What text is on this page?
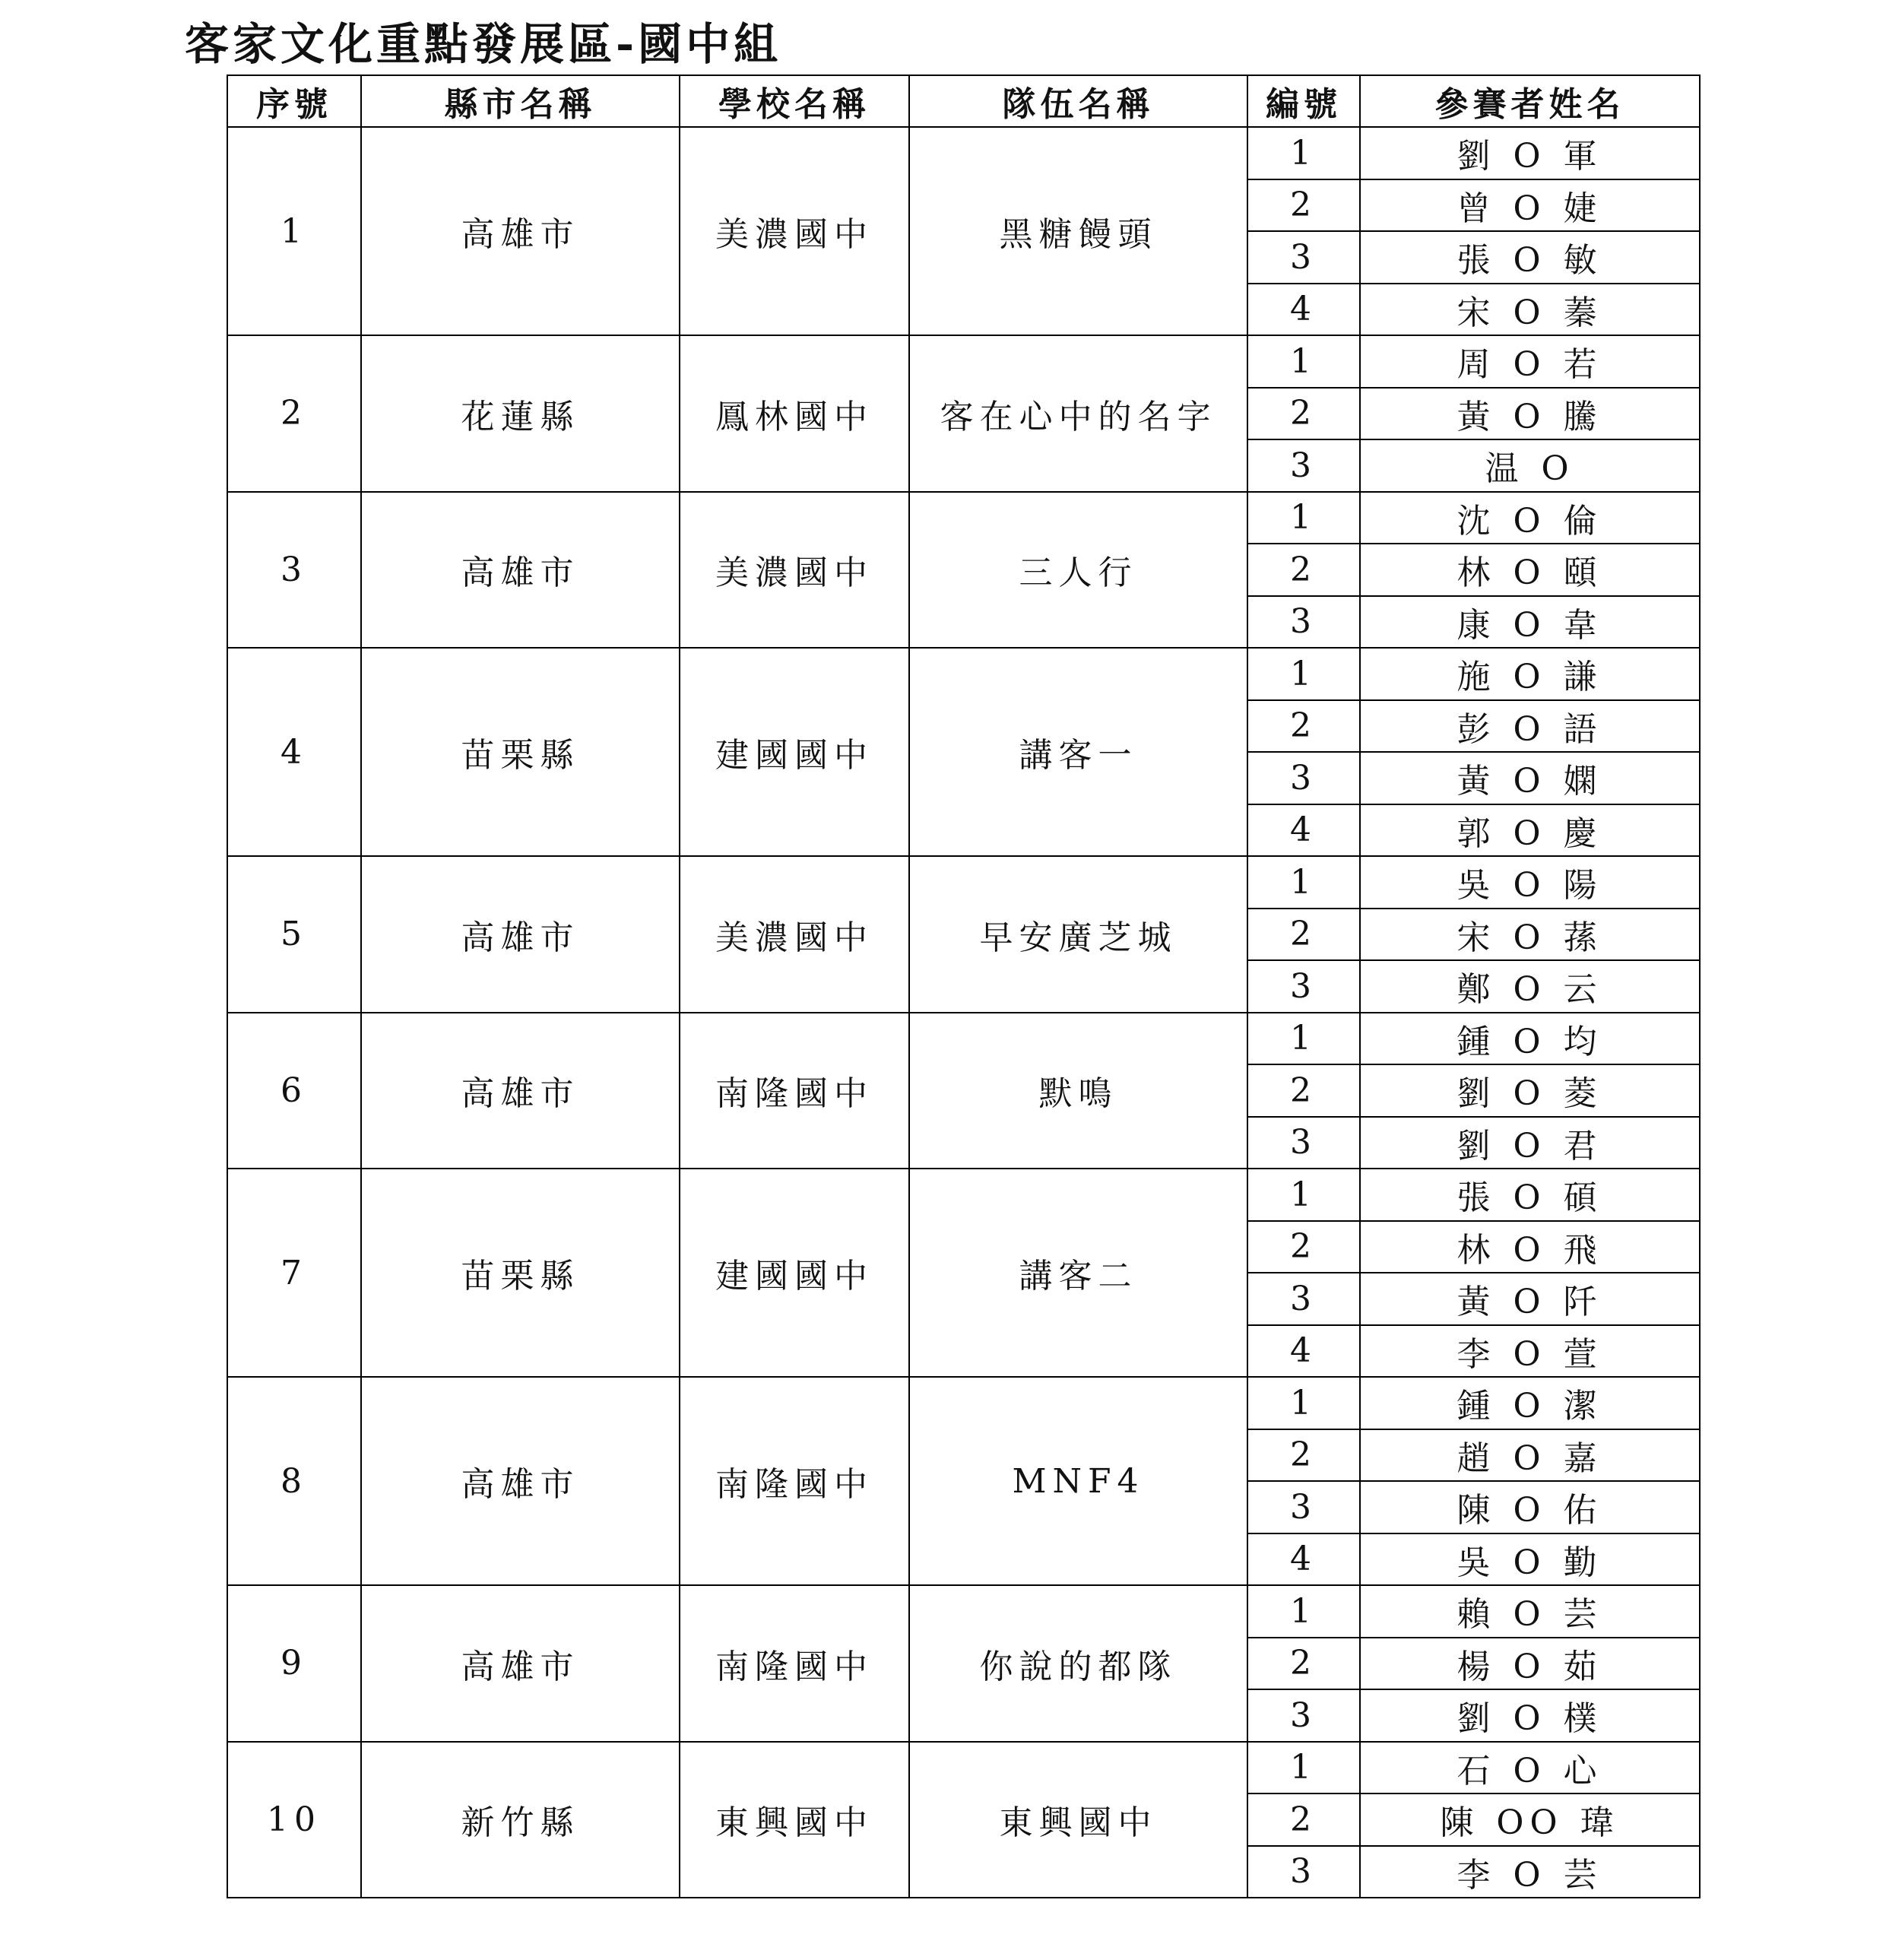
客家文化重點發展區-國中組
序號	縣市名稱	學校名稱	隊伍名稱	編號	參賽者姓名
1	高雄市	美濃國中	黑糖饅頭	1	劉 O 軍
				2	曾 O 婕
				3	張 O 敏
				4	宋 O 蓁
2	花蓮縣	鳳林國中	客在心中的名字	1	周 O 若
				2	黃 O 騰
				3	温 O
3	高雄市	美濃國中	三人行	1	沈 O 倫
				2	林 O 頤
				3	康 O 韋
4	苗栗縣	建國國中	講客一	1	施 O 謙
				2	彭 O 語
				3	黃 O 嫻
				4	郭 O 慶
5	高雄市	美濃國中	早安廣芝城	1	吳 O 陽
				2	宋 O 蓀
				3	鄭 O 云
6	高雄市	南隆國中	默鳴	1	鍾 O 均
				2	劉 O 菱
				3	劉 O 君
7	苗栗縣	建國國中	講客二	1	張 O 碩
				2	林 O 飛
				3	黃 O 阡
				4	李 O 萱
8	高雄市	南隆國中	MNF4	1	鍾 O 潔
				2	趙 O 嘉
				3	陳 O 佑
				4	吳 O 勤
9	高雄市	南隆國中	你說的都隊	1	賴 O 芸
				2	楊 O 茹
				3	劉 O 樸
10	新竹縣	東興國中	東興國中	1	石 O 心
				2	陳 OO 瑋
				3	李 O 芸
